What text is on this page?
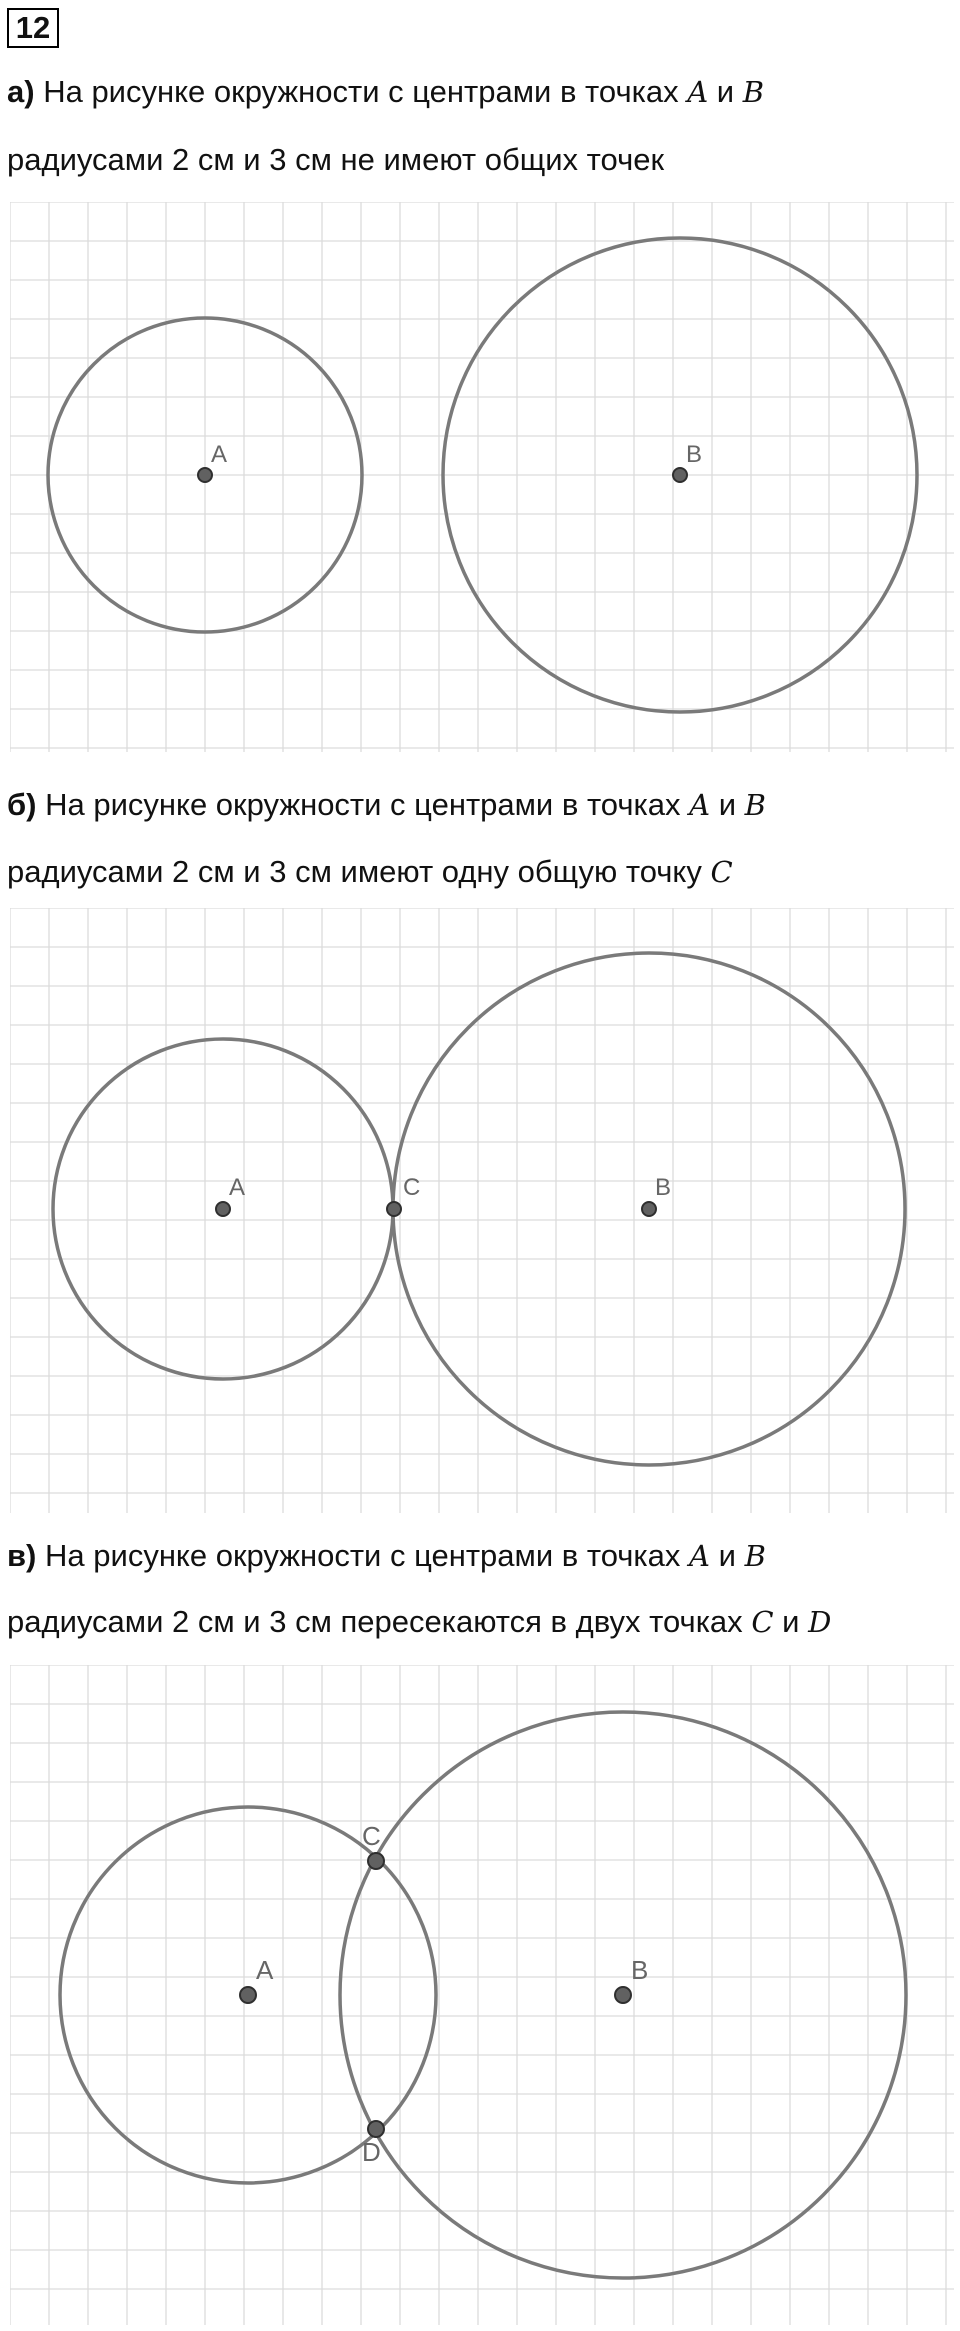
12
а) На рисунке окружности с центрами в точках A и B
радиусами 2 см и 3 см не имеют общих точек
A	B
б) На рисунке окружности с центрами в точках A и B
радиусами 2 см и 3 см имеют одну общую точку C
A	C	B
в) На рисунке окружности с центрами в точках A и B
радиусами 2 см и 3 см пересекаются в двух точках C и D
A
C
D
B
